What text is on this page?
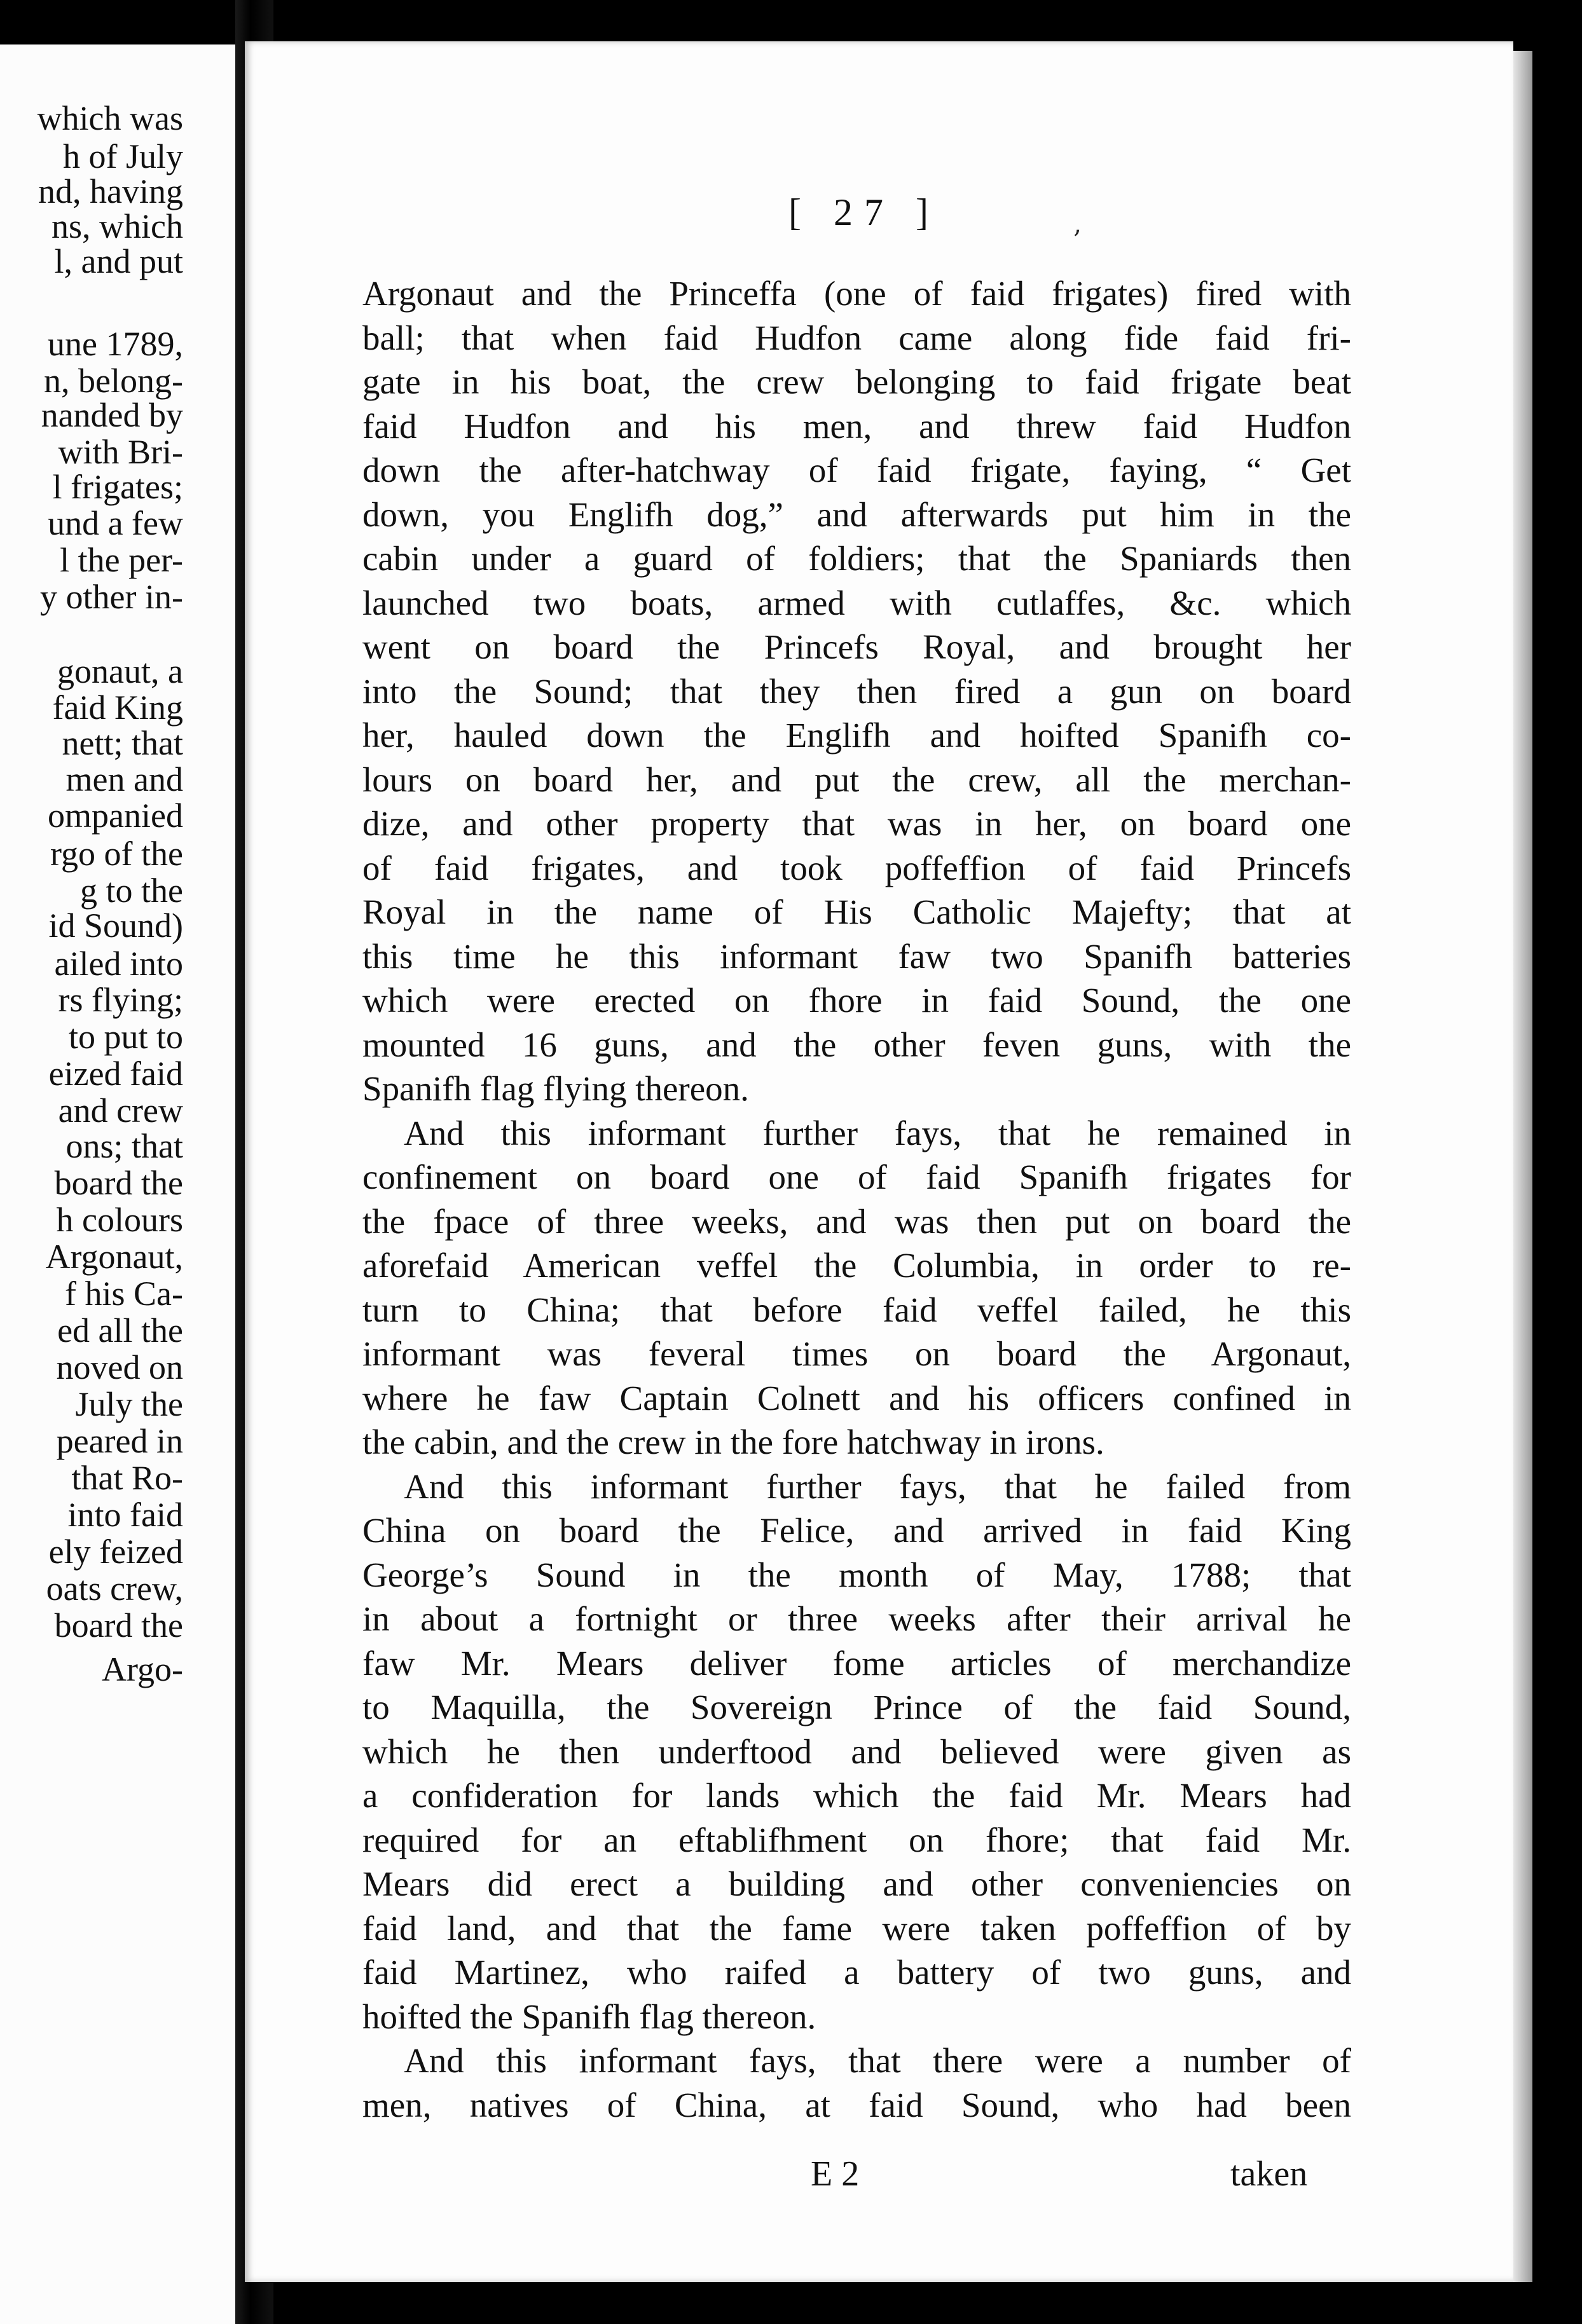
which was
h of July
nd, having
ns, which
l, and put
une 1789,
n, belong-
nanded by
with Bri-
l frigates;
und a few
l the per-
y other in-
gonaut, a
faid King
nett; that
men and
ompanied
rgo of the
g to the
id Sound)
ailed into
rs flying;
to put to
eized faid
and crew
ons; that
board the
h colours
Argonaut,
f his Ca-
ed all the
noved on
July the
peared in
that Ro-
into faid
ely feized
oats crew,
board the
Argo-
[ 27 ]	‚
Argonaut and the Princeffa (one of faid frigates) fired with
ball; that when faid Hudfon came along fide faid fri-
gate in his boat, the crew belonging to faid frigate beat
faid Hudfon and his men, and threw faid Hudfon
down the after-hatchway of faid frigate, faying, “ Get
down, you Englifh dog,” and afterwards put him in the
cabin under a guard of foldiers; that the Spaniards then
launched two boats, armed with cutlaffes, &c. which
went on board the Princefs Royal, and brought her
into the Sound; that they then fired a gun on board
her, hauled down the Englifh and hoifted Spanifh co-
lours on board her, and put the crew, all the merchan-
dize, and other property that was in her, on board one
of faid frigates, and took poffeffion of faid Princefs
Royal in the name of His Catholic Majefty; that at
this time he this informant faw two Spanifh batteries
which were erected on fhore in faid Sound, the one
mounted 16 guns, and the other feven guns, with the
Spanifh flag flying thereon.
And this informant further fays, that he remained in
confinement on board one of faid Spanifh frigates for
the fpace of three weeks, and was then put on board the
aforefaid American veffel the Columbia, in order to re-
turn to China; that before faid veffel failed, he this
informant was feveral times on board the Argonaut,
where he faw Captain Colnett and his officers confined in
the cabin, and the crew in the fore hatchway in irons.
And this informant further fays, that he failed from
China on board the Felice, and arrived in faid King
George’s Sound in the month of May, 1788; that
in about a fortnight or three weeks after their arrival he
faw Mr. Mears deliver fome articles of merchandize
to Maquilla, the Sovereign Prince of the faid Sound,
which he then underftood and believed were given as
a confideration for lands which the faid Mr. Mears had
required for an eftablifhment on fhore; that faid Mr.
Mears did erect a building and other conveniencies on
faid land, and that the fame were taken poffeffion of by
faid Martinez, who raifed a battery of two guns, and
hoifted the Spanifh flag thereon.
And this informant fays, that there were a number of
men, natives of China, at faid Sound, who had been
E 2	taken
